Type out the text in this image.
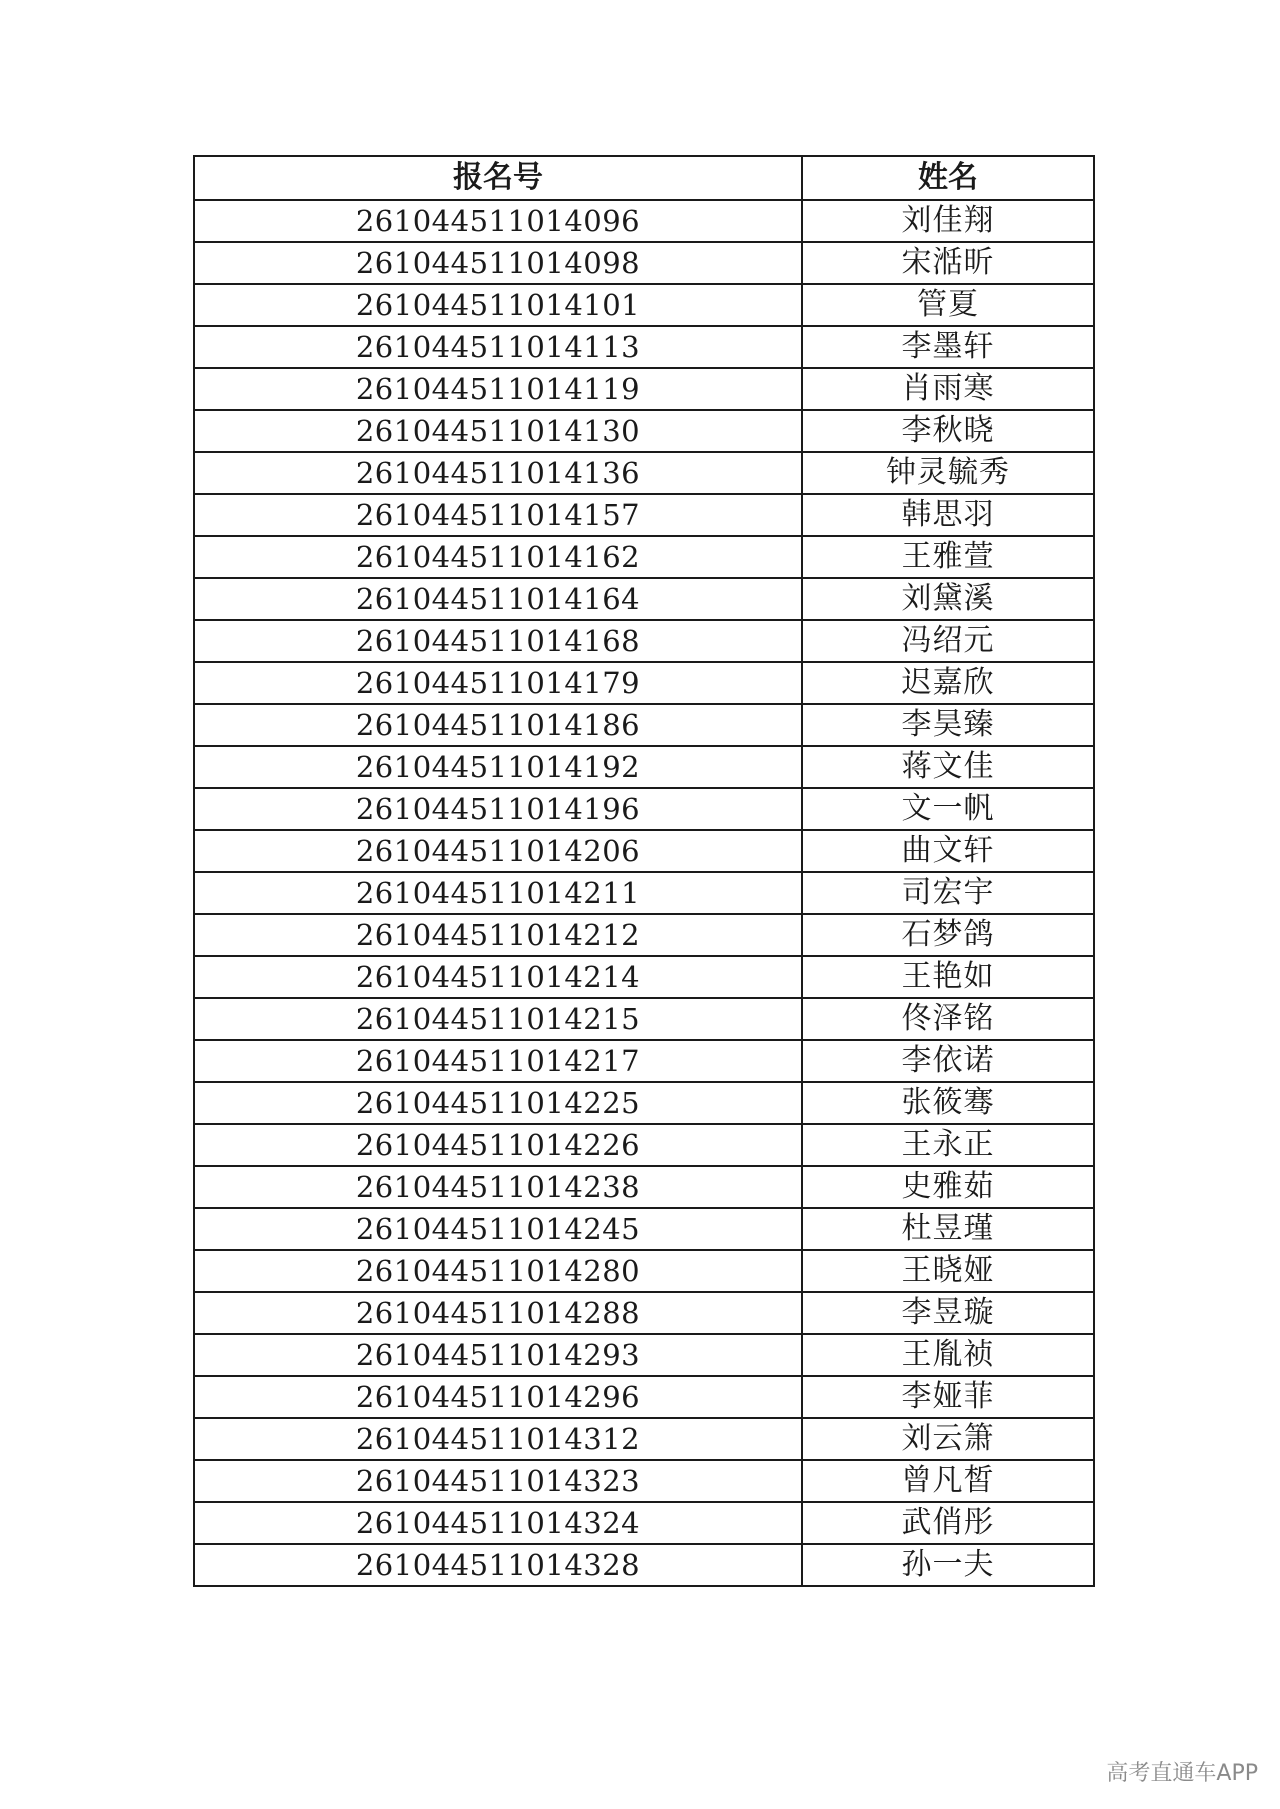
报名号	姓名
261044511014096	刘佳翔
261044511014098	宋湉昕
261044511014101	管夏
261044511014113	李墨轩
261044511014119	肖雨寒
261044511014130	李秋晓
261044511014136	钟灵毓秀
261044511014157	韩思羽
261044511014162	王雅萱
261044511014164	刘黛溪
261044511014168	冯绍元
261044511014179	迟嘉欣
261044511014186	李昊臻
261044511014192	蒋文佳
261044511014196	文一帆
261044511014206	曲文轩
261044511014211	司宏宇
261044511014212	石梦鸽
261044511014214	王艳如
261044511014215	佟泽铭
261044511014217	李依诺
261044511014225	张筱骞
261044511014226	王永正
261044511014238	史雅茹
261044511014245	杜昱瑾
261044511014280	王晓娅
261044511014288	李昱璇
261044511014293	王胤祯
261044511014296	李娅菲
261044511014312	刘云箫
261044511014323	曾凡皙
261044511014324	武俏彤
261044511014328	孙一夫
高考直通车APP
